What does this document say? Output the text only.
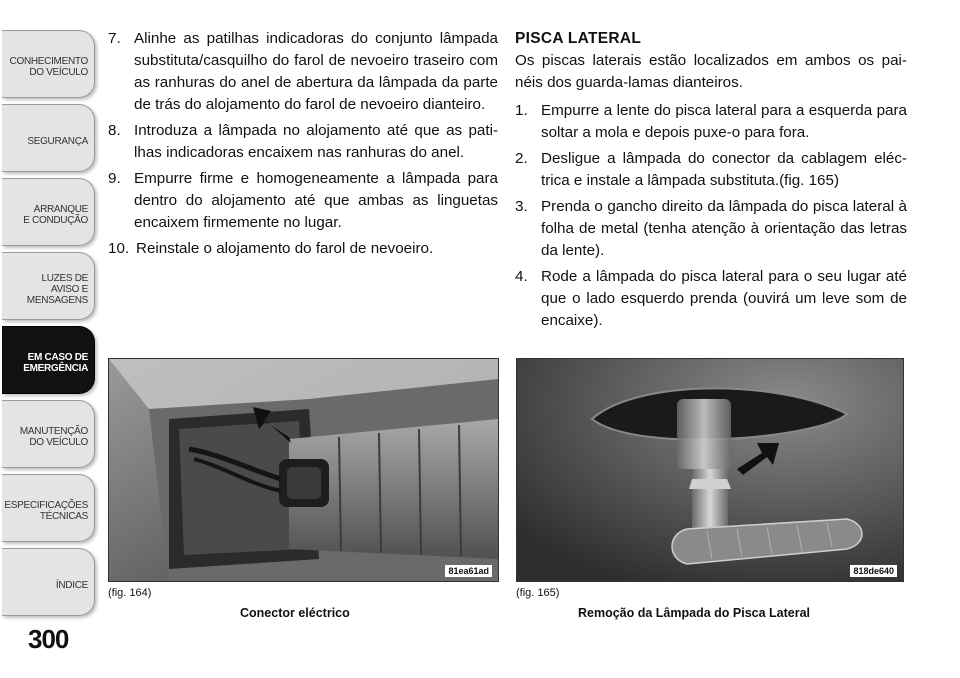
CONHECIMENTO
DO VEÍCULO
SEGURANÇA
ARRANQUE
E CONDUÇÃO
LUZES DE
AVISO E
MENSAGENS
EM CASO DE
EMERGÊNCIA
MANUTENÇÃO
DO VEÍCULO
ESPECIFICAÇÕES
TÉCNICAS
ÍNDICE
300
7. Alinhe as patilhas indicadoras do conjunto lâmpada substituta/casquilho do farol de nevoeiro traseiro com as ranhuras do anel de abertura da lâmpada da parte de trás do alojamento do farol de nevoeiro dianteiro.
8. Introduza a lâmpada no alojamento até que as pati- lhas indicadoras encaixem nas ranhuras do anel.
9. Empurre firme e homogeneamente a lâmpada para dentro do alojamento até que ambas as linguetas encaixem firmemente no lugar.
10. Reinstale o alojamento do farol de nevoeiro.

PISCA LATERAL

Os piscas laterais estão localizados em ambos os pai- néis dos guarda-lamas dianteiros.

1. Empurre a lente do pisca lateral para a esquerda para soltar a mola e depois puxe-o para fora.
2. Desligue a lâmpada do conector da cablagem eléc- trica e instale a lâmpada substituta.(fig. 165)
3. Prenda o gancho direito da lâmpada do pisca lateral à folha de metal (tenha atenção à orientação das letras da lente).
4. Rode a lâmpada do pisca lateral para o seu lugar até que o lado esquerdo prenda (ouvirá um leve som de encaixe).
81ea61ad
(fig. 164)
Conector eléctrico
818de640
(fig. 165)
Remoção da Lâmpada do Pisca Lateral
